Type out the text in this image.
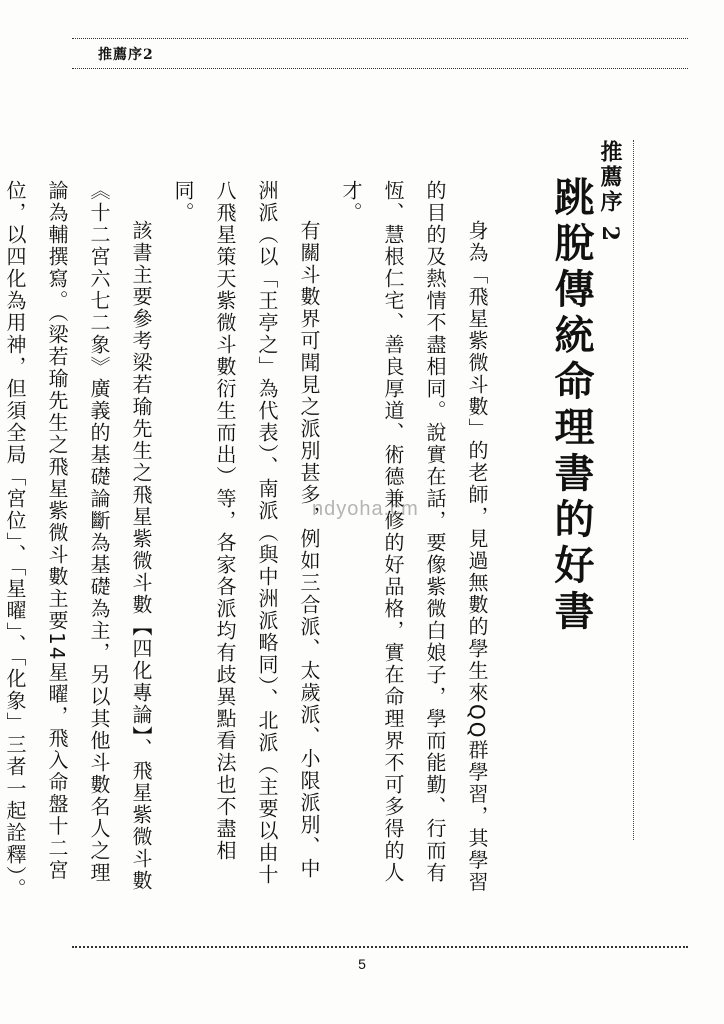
推薦序2
推薦序 2
跳脫傳統命理書的好書

身為「飛星紫微斗數」的老師，見過無數的學生來QQ群學習，其學習的目的及熱情不盡相同。說實在話，要像紫微白娘子，學而能勤、行而有恆、慧根仁宅、善良厚道、術德兼修的好品格，實在命理界不可多得的人才。

有關斗數界可聞見之派別甚多，例如三合派、太歲派、小限派別、中洲派（以「王亭之」為代表）、南派（與中洲派略同）、北派（主要以由十八飛星策天紫微斗數衍生而出）等，各家各派均有歧異點看法也不盡相同。

該書主要參考梁若瑜先生之飛星紫微斗數【四化專論】、飛星紫微斗數《十二宮六七二象》廣義的基礎論斷為基礎為主，另以其他斗數名人之理論為輔撰寫。（梁若瑜先生之飛星紫微斗數主要14星曜，飛入命盤十二宮位，以四化為用神，但須全局「宮位」、「星曜」、「化象」三者一起詮釋）。	ndyoha.cm
5
